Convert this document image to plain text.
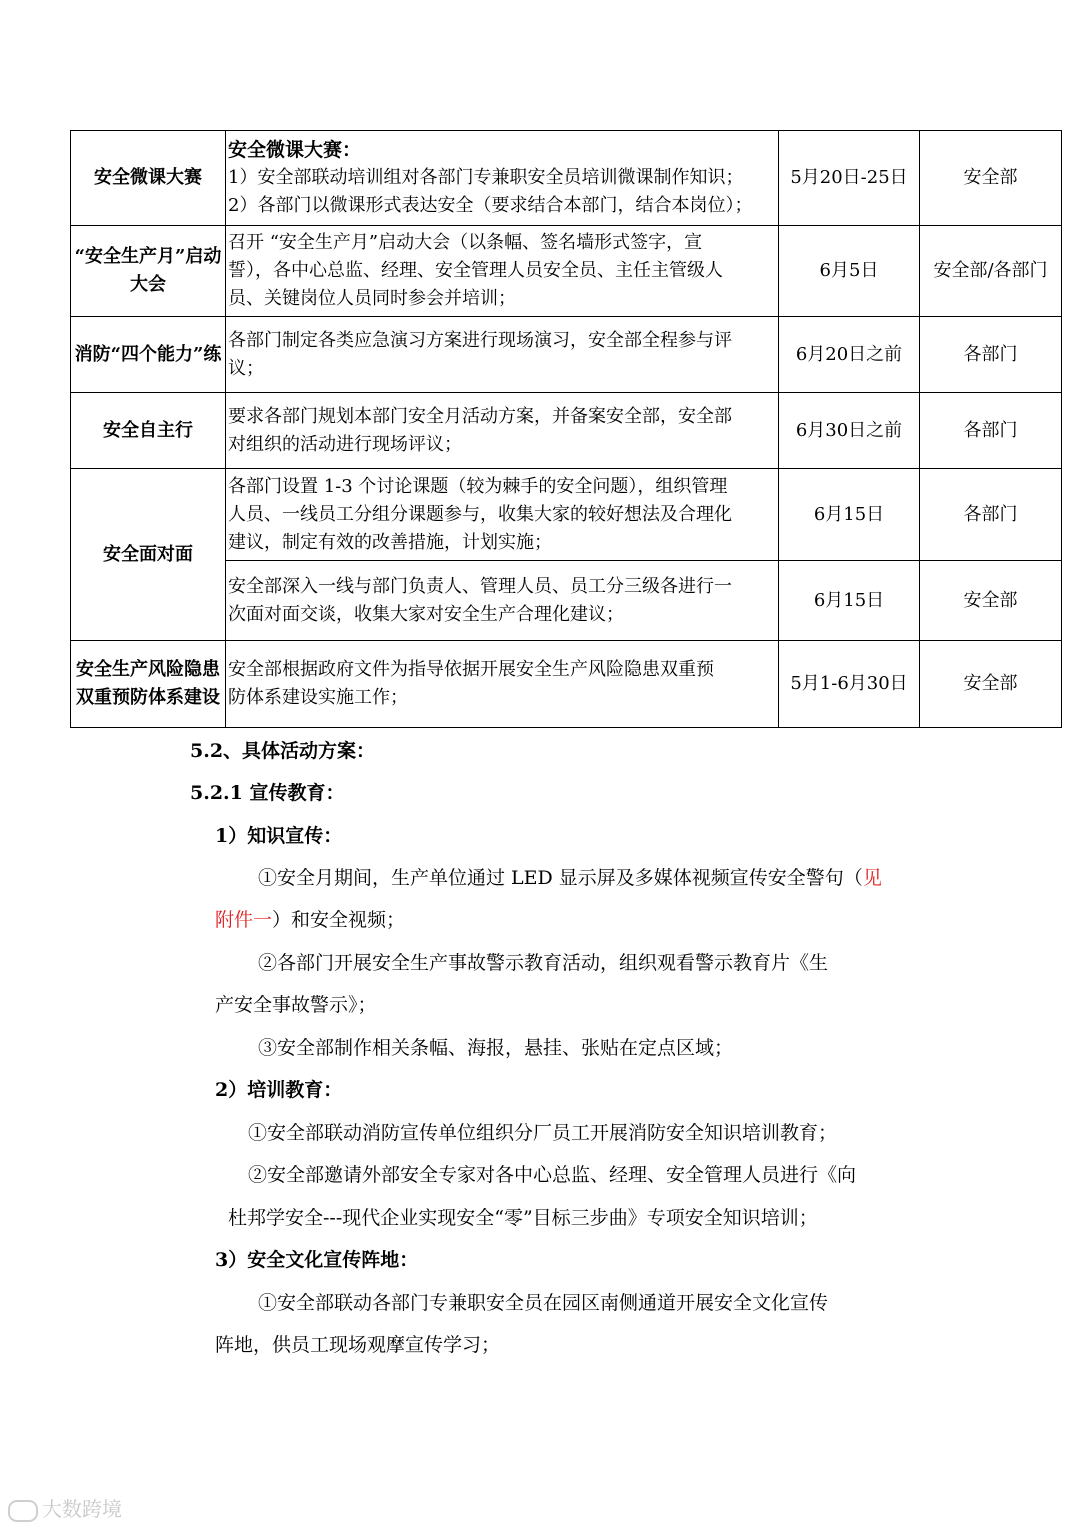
安全微课大赛	安全微课大赛：
1）安全部联动培训组对各部门专兼职安全员培训微课制作知识；
2）各部门以微课形式表达安全（要求结合本部门，结合本岗位）；	5月20日-25日	安全部
“安全生产月”启动大会	召开 “安全生产月”启动大会（以条幅、签名墙形式签字，宣
誓），各中心总监、经理、安全管理人员安全员、主任主管级人
员、关键岗位人员同时参会并培训；	6月5日	安全部/各部门
消防“四个能力”练	各部门制定各类应急演习方案进行现场演习，安全部全程参与评
议；	6月20日之前	各部门
安全自主行	要求各部门规划本部门安全月活动方案，并备案安全部，安全部
对组织的活动进行现场评议；	6月30日之前	各部门
安全面对面	各部门设置 1-3 个讨论课题（较为棘手的安全问题），组织管理
人员、一线员工分组分课题参与，收集大家的较好想法及合理化
建议，制定有效的改善措施，计划实施；	6月15日	各部门

	安全部深入一线与部门负责人、管理人员、员工分三级各进行一
次面对面交谈，收集大家对安全生产合理化建议；	6月15日	安全部
安全生产风险隐患双重预防体系建设	安全部根据政府文件为指导依据开展安全生产风险隐患双重预
防体系建设实施工作；	5月1-6月30日	安全部
5.2、具体活动方案：
5.2.1 宣传教育：
1）知识宣传：
①安全月期间，生产单位通过 LED 显示屏及多媒体视频宣传安全警句（见
附件一）和安全视频；
②各部门开展安全生产事故警示教育活动，组织观看警示教育片《生
产安全事故警示》；
③安全部制作相关条幅、海报，悬挂、张贴在定点区域；
2）培训教育：
①安全部联动消防宣传单位组织分厂员工开展消防安全知识培训教育；
②安全部邀请外部安全专家对各中心总监、经理、安全管理人员进行《向
杜邦学安全---现代企业实现安全“零”目标三步曲》专项安全知识培训；
3）安全文化宣传阵地：
①安全部联动各部门专兼职安全员在园区南侧通道开展安全文化宣传
阵地，供员工现场观摩宣传学习；
大数跨境
